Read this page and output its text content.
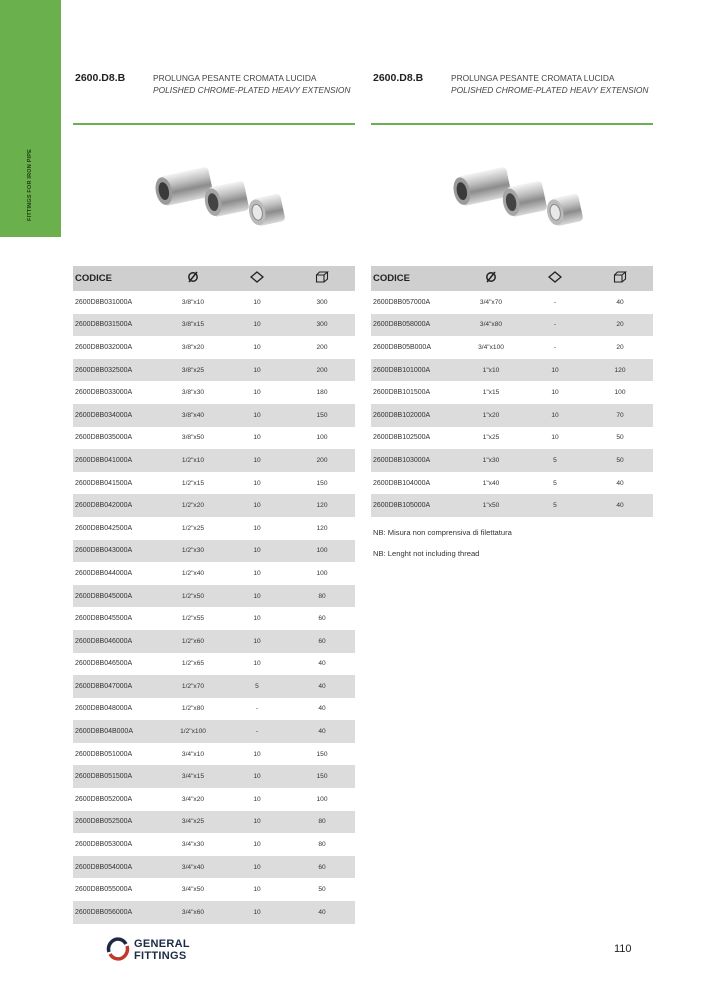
FITTINGS FOR IRON PIPE
2600.D8.B	PROLUNGA PESANTE CROMATA LUCIDA
POLISHED CHROME-PLATED HEAVY EXTENSION
CODICE			
2600D8B031000A	3/8"x10	10	300
2600D8B031500A	3/8"x15	10	300
2600D8B032000A	3/8"x20	10	200
2600D8B032500A	3/8"x25	10	200
2600D8B033000A	3/8"x30	10	180
2600D8B034000A	3/8"x40	10	150
2600D8B035000A	3/8"x50	10	100
2600D8B041000A	1/2"x10	10	200
2600D8B041500A	1/2"x15	10	150
2600D8B042000A	1/2"x20	10	120
2600D8B042500A	1/2"x25	10	120
2600D8B043000A	1/2"x30	10	100
2600D8B044000A	1/2"x40	10	100
2600D8B045000A	1/2"x50	10	80
2600D8B045500A	1/2"x55	10	60
2600D8B046000A	1/2"x60	10	60
2600D8B046500A	1/2"x65	10	40
2600D8B047000A	1/2"x70	5	40
2600D8B048000A	1/2"x80	-	40
2600D8B04B000A	1/2"x100	-	40
2600D8B051000A	3/4"x10	10	150
2600D8B051500A	3/4"x15	10	150
2600D8B052000A	3/4"x20	10	100
2600D8B052500A	3/4"x25	10	80
2600D8B053000A	3/4"x30	10	80
2600D8B054000A	3/4"x40	10	60
2600D8B055000A	3/4"x50	10	50
2600D8B056000A	3/4"x60	10	40
2600.D8.B	PROLUNGA PESANTE CROMATA LUCIDA
POLISHED CHROME-PLATED HEAVY EXTENSION
CODICE			
2600D8B057000A	3/4"x70	-	40
2600D8B058000A	3/4"x80	-	20
2600D8B05B000A	3/4"x100	-	20
2600D8B101000A	1"x10	10	120
2600D8B101500A	1"x15	10	100
2600D8B102000A	1"x20	10	70
2600D8B102500A	1"x25	10	50
2600D8B103000A	1"x30	5	50
2600D8B104000A	1"x40	5	40
2600D8B105000A	1"x50	5	40
NB: Misura non comprensiva di filettatura
NB: Lenght not including thread
GENERAL
FITTINGS
110
